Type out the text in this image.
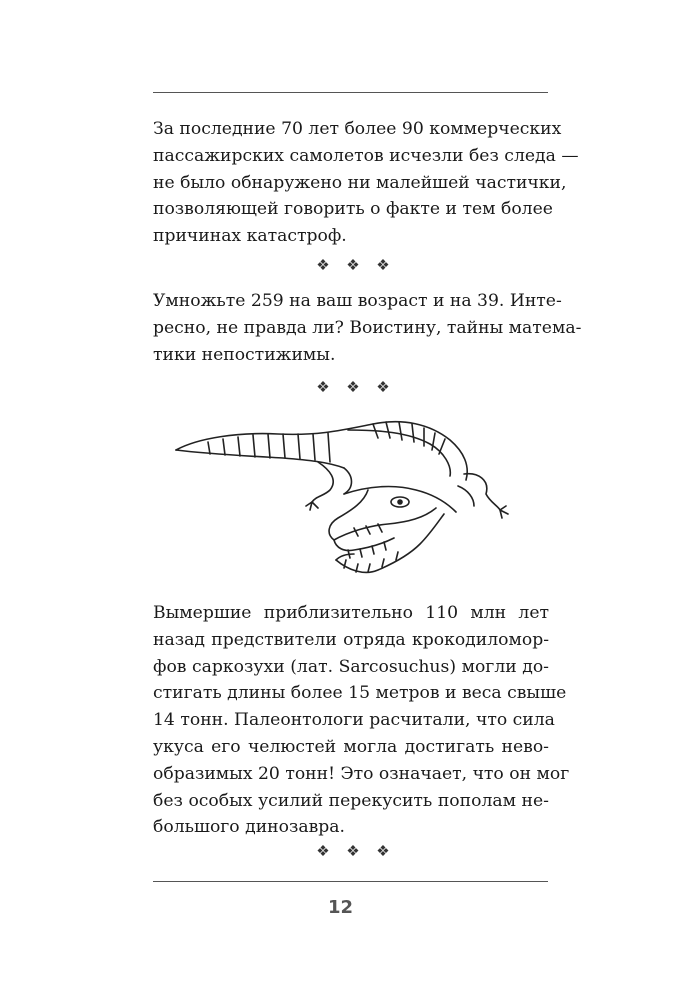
За последние 70 лет более 90 коммерческих
пассажирских самолетов исчезли без следа —
не было обнаружено ни малейшей частички,
позволяющей говорить о факте и тем более
причинах катастроф.
❖ ❖ ❖
Умножьте 259 на ваш возраст и на 39. Инте-
ресно, не правда ли? Воистину, тайны матема-
тики непостижимы.
❖ ❖ ❖
Вымершие приблизительно 110 млн лет
назад предствители отряда крокодиломор-
фов саркозухи (лат. Sarcosuchus) могли до-
стигать длины более 15 метров и веса свыше
14 тонн. Палеонтологи расчитали, что сила
укуса его челюстей могла достигать нево-
образимых 20 тонн! Это означает, что он мог
без особых усилий перекусить пополам не-
большого динозавра.
❖ ❖ ❖
12
